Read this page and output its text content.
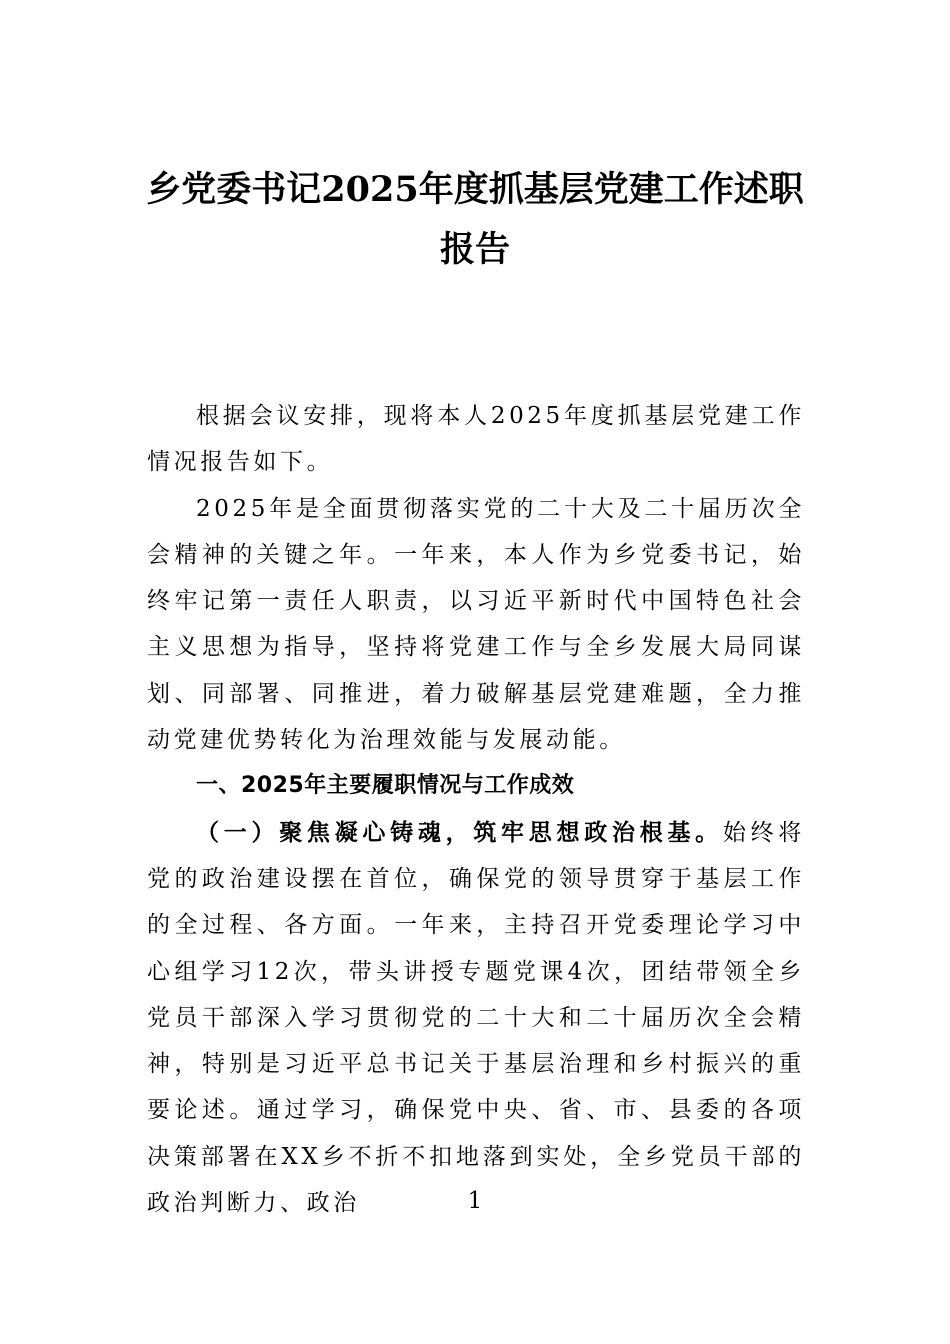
乡党委书记2025年度抓基层党建工作述职
报告

根据会议安排，现将本人2025年度抓基层党建工作情况报告如下。

2025年是全面贯彻落实党的二十大及二十届历次全会精神的关键之年。一年来，本人作为乡党委书记，始终牢记第一责任人职责，以习近平新时代中国特色社会主义思想为指导，坚持将党建工作与全乡发展大局同谋划、同部署、同推进，着力破解基层党建难题，全力推动党建优势转化为治理效能与发展动能。

一、2025年主要履职情况与工作成效

（一）聚焦凝心铸魂，筑牢思想政治根基。始终将党的政治建设摆在首位，确保党的领导贯穿于基层工作的全过程、各方面。一年来，主持召开党委理论学习中心组学习12次，带头讲授专题党课4次，团结带领全乡党员干部深入学习贯彻党的二十大和二十届历次全会精神，特别是习近平总书记关于基层治理和乡村振兴的重要论述。通过学习，确保党中央、省、市、县委的各项决策部署在XX乡不折不扣地落到实处，全乡党员干部的政治判断力、政治	1
